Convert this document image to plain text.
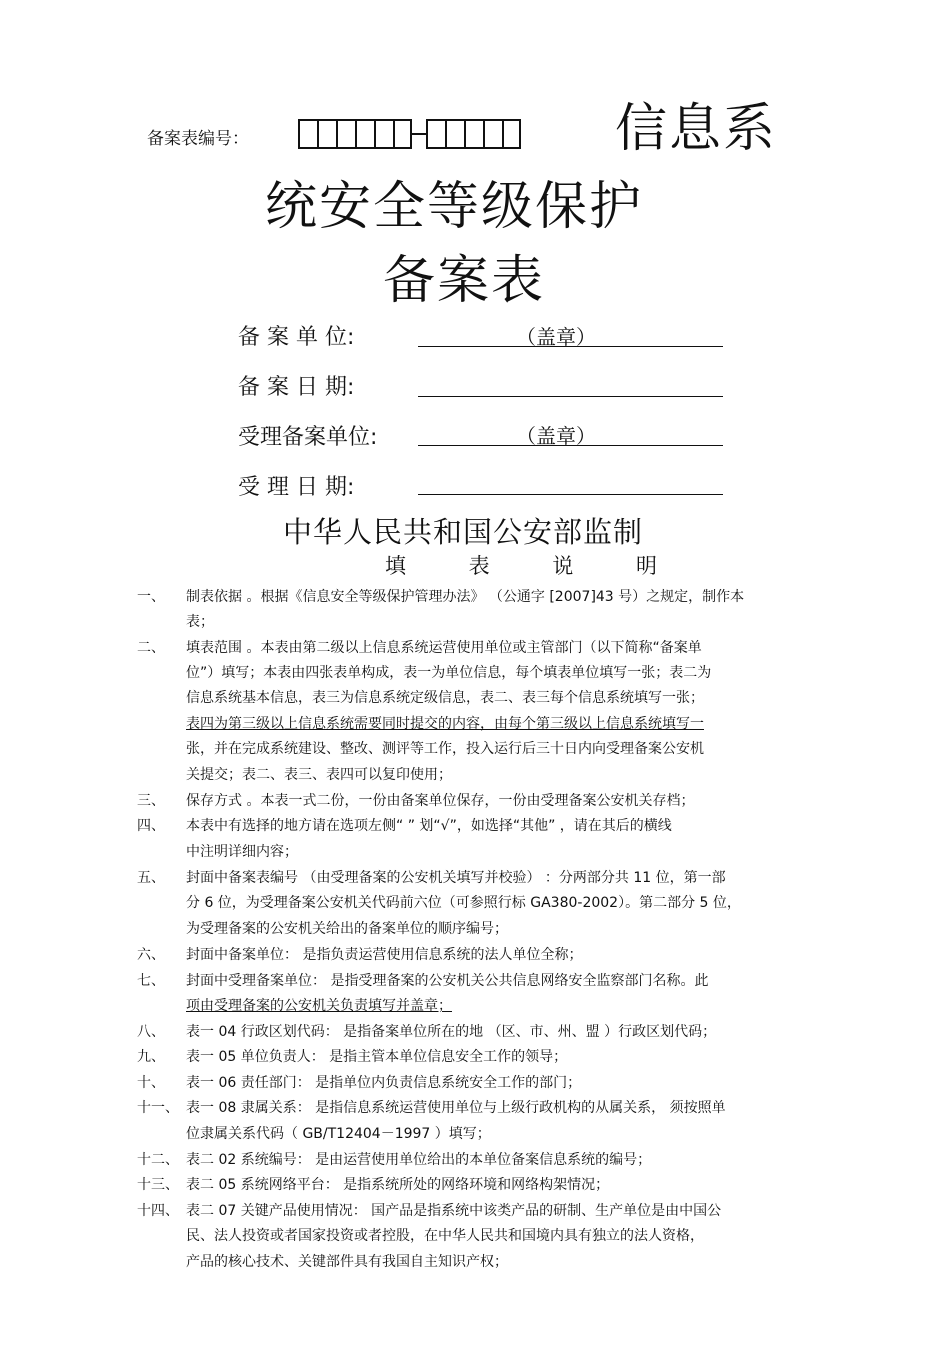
备案表编号：	信息系
统安全等级保护
备案表
备 案 单 位:	（盖章）
备 案 日 期:
受理备案单位:	（盖章）
受 理 日 期:
中华人民共和国公安部监制
填 表 说 明
一、 制表依据 。根据《信息安全等级保护管理办法》 （公通字 [2007]43 号）之规定，制作本
表；
二、 填表范围 。本表由第二级以上信息系统运营使用单位或主管部门（以下简称“备案单
位”）填写；本表由四张表单构成，表一为单位信息，每个填表单位填写一张；表二为
信息系统基本信息，表三为信息系统定级信息，表二、表三每个信息系统填写一张；
表四为第三级以上信息系统需要同时提交的内容，由每个第三级以上信息系统填写一
张，并在完成系统建设、整改、测评等工作，投入运行后三十日内向受理备案公安机
关提交；表二、表三、表四可以复印使用；
三、 保存方式 。本表一式二份，一份由备案单位保存，一份由受理备案公安机关存档；
四、 本表中有选择的地方请在选项左侧“ ” 划“√”，如选择“其他” ，请在其后的横线
中注明详细内容；
五、 封面中备案表编号 （由受理备案的公安机关填写并校验） ：分两部分共 11 位，第一部
分 6 位，为受理备案公安机关代码前六位（可参照行标 GA380-2002）。第二部分 5 位，
为受理备案的公安机关给出的备案单位的顺序编号；
六、 封面中备案单位： 是指负责运营使用信息系统的法人单位全称；
七、 封面中受理备案单位： 是指受理备案的公安机关公共信息网络安全监察部门名称。此
项由受理备案的公安机关负责填写并盖章；
八、 表一 04 行政区划代码： 是指备案单位所在的地 （区、市、州、盟 ）行政区划代码；
九、 表一 05 单位负责人： 是指主管本单位信息安全工作的领导；
十、 表一 06 责任部门： 是指单位内负责信息系统安全工作的部门；
十一、 表一 08 隶属关系： 是指信息系统运营使用单位与上级行政机构的从属关系， 须按照单
位隶属关系代码（ GB/T12404－1997 ）填写；
十二、 表二 02 系统编号： 是由运营使用单位给出的本单位备案信息系统的编号；
十三、 表二 05 系统网络平台： 是指系统所处的网络环境和网络构架情况；
十四、 表二 07 关键产品使用情况： 国产品是指系统中该类产品的研制、生产单位是由中国公
民、法人投资或者国家投资或者控股，在中华人民共和国境内具有独立的法人资格，
产品的核心技术、关键部件具有我国自主知识产权；
